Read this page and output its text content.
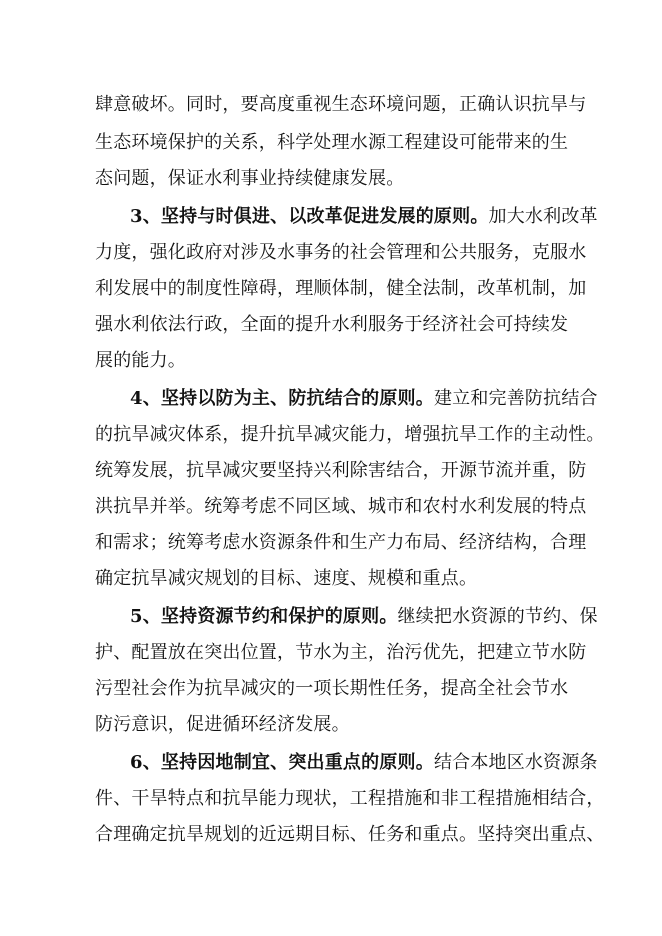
肆意破坏。同时，要高度重视生态环境问题，正确认识抗旱与
生态环境保护的关系，科学处理水源工程建设可能带来的生
态问题，保证水利事业持续健康发展。
3、坚持与时俱进、以改革促进发展的原则。加大水利改革
力度，强化政府对涉及水事务的社会管理和公共服务，克服水
利发展中的制度性障碍，理顺体制，健全法制，改革机制，加
强水利依法行政，全面的提升水利服务于经济社会可持续发
展的能力。
4、坚持以防为主、防抗结合的原则。建立和完善防抗结合
的抗旱减灾体系，提升抗旱减灾能力，增强抗旱工作的主动性。
统筹发展，抗旱减灾要坚持兴利除害结合，开源节流并重，防
洪抗旱并举。统筹考虑不同区域、城市和农村水利发展的特点
和需求；统筹考虑水资源条件和生产力布局、经济结构，合理
确定抗旱减灾规划的目标、速度、规模和重点。
5、坚持资源节约和保护的原则。继续把水资源的节约、保
护、配置放在突出位置，节水为主，治污优先，把建立节水防
污型社会作为抗旱减灾的一项长期性任务，提高全社会节水
防污意识，促进循环经济发展。
6、坚持因地制宜、突出重点的原则。结合本地区水资源条
件、干旱特点和抗旱能力现状，工程措施和非工程措施相结合，
合理确定抗旱规划的近远期目标、任务和重点。坚持突出重点、
